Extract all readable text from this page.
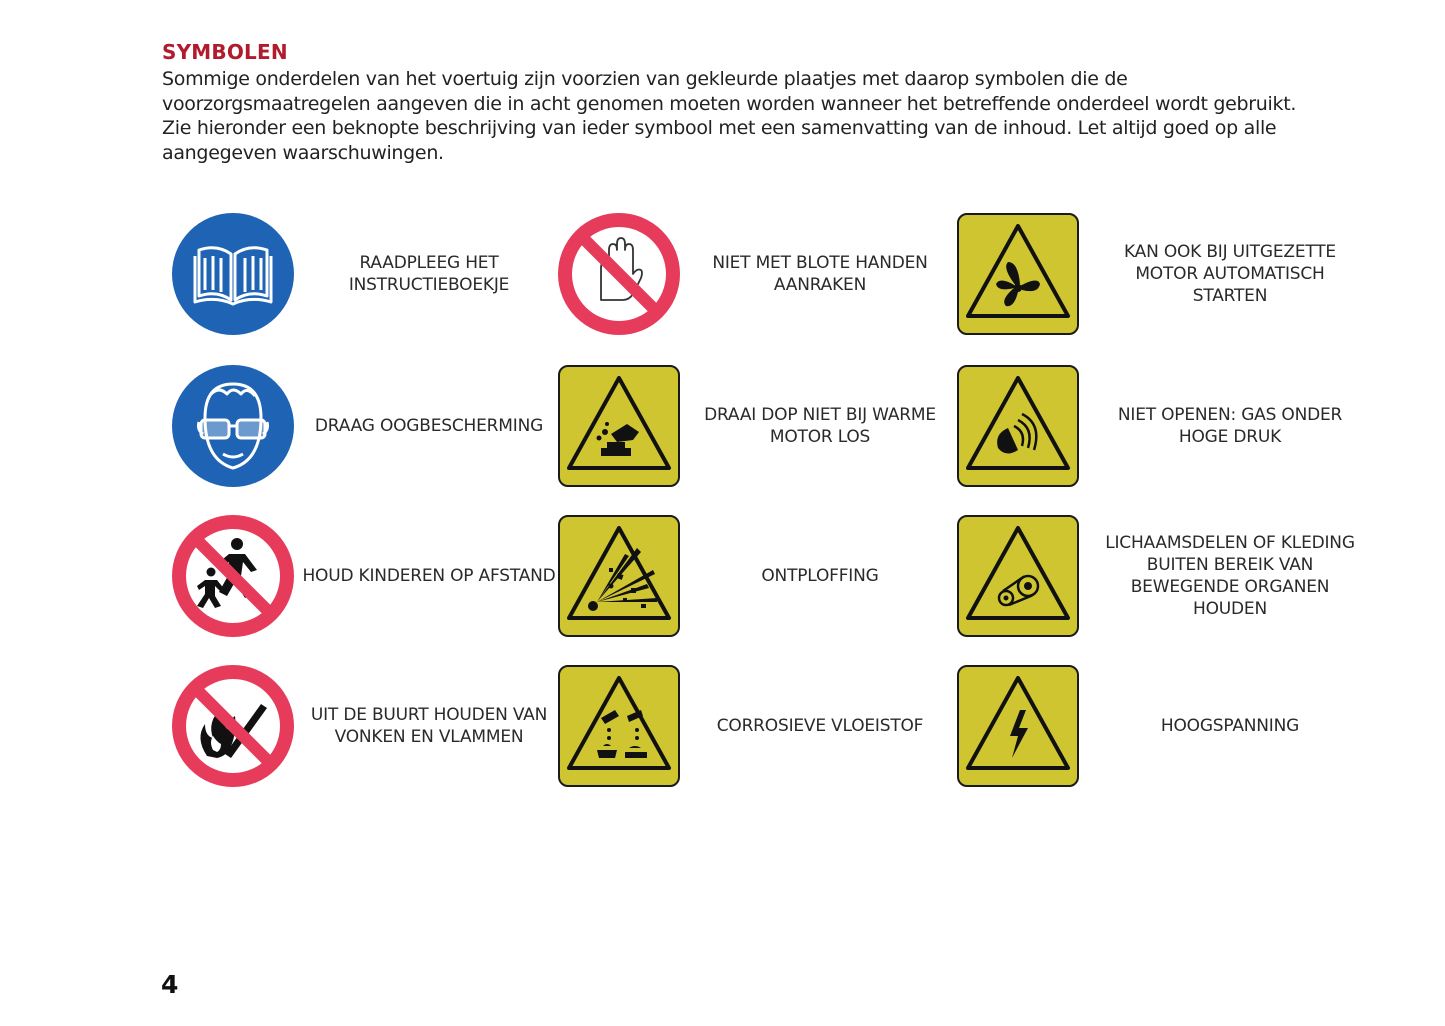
SYMBOLEN

Sommige onderdelen van het voertuig zijn voorzien van gekleurde plaatjes met daarop symbolen die de voorzorgsmaatregelen aangeven die in acht genomen moeten worden wanneer het betreffende onderdeel wordt gebruikt. Zie hieronder een beknopte beschrijving van ieder symbool met een samenvatting van de inhoud. Let altijd goed op alle aangegeven waarschuwingen.

RAADPLEEG HET INSTRUCTIEBOEKJE
NIET MET BLOTE HANDEN AANRAKEN
KAN OOK BIJ UITGEZETTE MOTOR AUTOMATISCH STARTEN
DRAAG OOGBESCHERMING
DRAAI DOP NIET BIJ WARME MOTOR LOS
NIET OPENEN: GAS ONDER HOGE DRUK
HOUD KINDEREN OP AFSTAND	ONTPLOFFING
LICHAAMSDELEN OF KLEDING BUITEN BEREIK VAN BEWEGENDE ORGANEN HOUDEN
UIT DE BUURT HOUDEN VAN VONKEN EN VLAMMEN
CORROSIEVE VLOEISTOF	HOOGSPANNING

4
